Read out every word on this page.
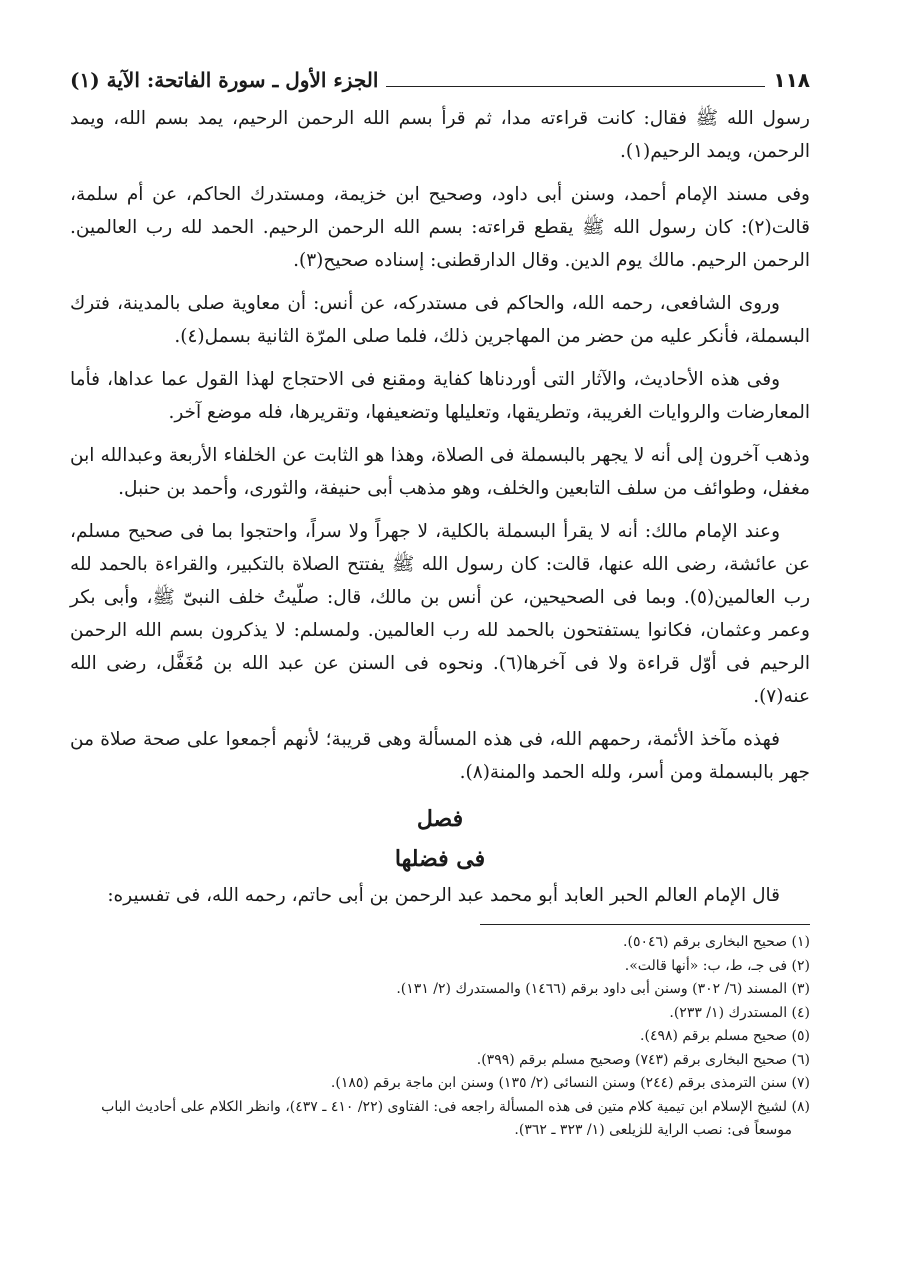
١١٨
الجزء الأول ـ سورة الفاتحة: الآية (١)

رسول الله ﷺ فقال: كانت قراءته مدا، ثم قرأ بسم الله الرحمن الرحيم، يمد بسم الله، ويمد الرحمن، ويمد الرحيم(١).

وفى مسند الإمام أحمد، وسنن أبى داود، وصحيح ابن خزيمة، ومستدرك الحاكم، عن أم سلمة، قالت(٢): كان رسول الله ﷺ يقطع قراءته: بسم الله الرحمن الرحيم. الحمد لله رب العالمين. الرحمن الرحيم. مالك يوم الدين. وقال الدارقطنى: إسناده صحيح(٣).

وروى الشافعى، رحمه الله، والحاكم فى مستدركه، عن أنس: أن معاوية صلى بالمدينة، فترك البسملة، فأنكر عليه من حضر من المهاجرين ذلك، فلما صلى المرّة الثانية بسمل(٤).

وفى هذه الأحاديث، والآثار التى أوردناها كفاية ومقنع فى الاحتجاج لهذا القول عما عداها، فأما المعارضات والروايات الغريبة، وتطريقها، وتعليلها وتضعيفها، وتقريرها، فله موضع آخر.

وذهب آخرون إلى أنه لا يجهر بالبسملة فى الصلاة، وهذا هو الثابت عن الخلفاء الأربعة وعبدالله ابن مغفل، وطوائف من سلف التابعين والخلف، وهو مذهب أبى حنيفة، والثورى، وأحمد بن حنبل.

وعند الإمام مالك: أنه لا يقرأ البسملة بالكلية، لا جهراً ولا سراً، واحتجوا بما فى صحيح مسلم، عن عائشة، رضى الله عنها، قالت: كان رسول الله ﷺ يفتتح الصلاة بالتكبير، والقراءة بالحمد لله رب العالمين(٥). وبما فى الصحيحين، عن أنس بن مالك، قال: صلّيتُ خلف النبىّ ﷺ، وأبى بكر وعمر وعثمان، فكانوا يستفتحون بالحمد لله رب العالمين. ولمسلم: لا يذكرون بسم الله الرحمن الرحيم فى أوّل قراءة ولا فى آخرها(٦). ونحوه فى السنن عن عبد الله بن مُغَفَّل، رضى الله عنه(٧).

فهذه مآخذ الأئمة، رحمهم الله، فى هذه المسألة وهى قريبة؛ لأنهم أجمعوا على صحة صلاة من جهر بالبسملة ومن أسر، ولله الحمد والمنة(٨).

فصل

فى فضلها

قال الإمام العالم الحبر العابد أبو محمد عبد الرحمن بن أبى حاتم، رحمه الله، فى تفسيره:

(١) صحيح البخارى برقم (٥٠٤٦).

(٢) فى جـ، ط، ب: «أنها قالت».

(٣) المسند (٦/ ٣٠٢) وسنن أبى داود برقم (١٤٦٦) والمستدرك (٢/ ١٣١).

(٤) المستدرك (١/ ٢٣٣).

(٥) صحيح مسلم برقم (٤٩٨).

(٦) صحيح البخارى برقم (٧٤٣) وصحيح مسلم برقم (٣٩٩).

(٧) سنن الترمذى برقم (٢٤٤) وسنن النسائى (٢/ ١٣٥) وسنن ابن ماجة برقم (١٨٥).

(٨) لشيخ الإسلام ابن تيمية كلام متين فى هذه المسألة راجعه فى: الفتاوى (٢٢/ ٤١٠ ـ ٤٣٧)، وانظر الكلام على أحاديث الباب

موسعاً فى: نصب الراية للزيلعى (١/ ٣٢٣ ـ ٣٦٢).
